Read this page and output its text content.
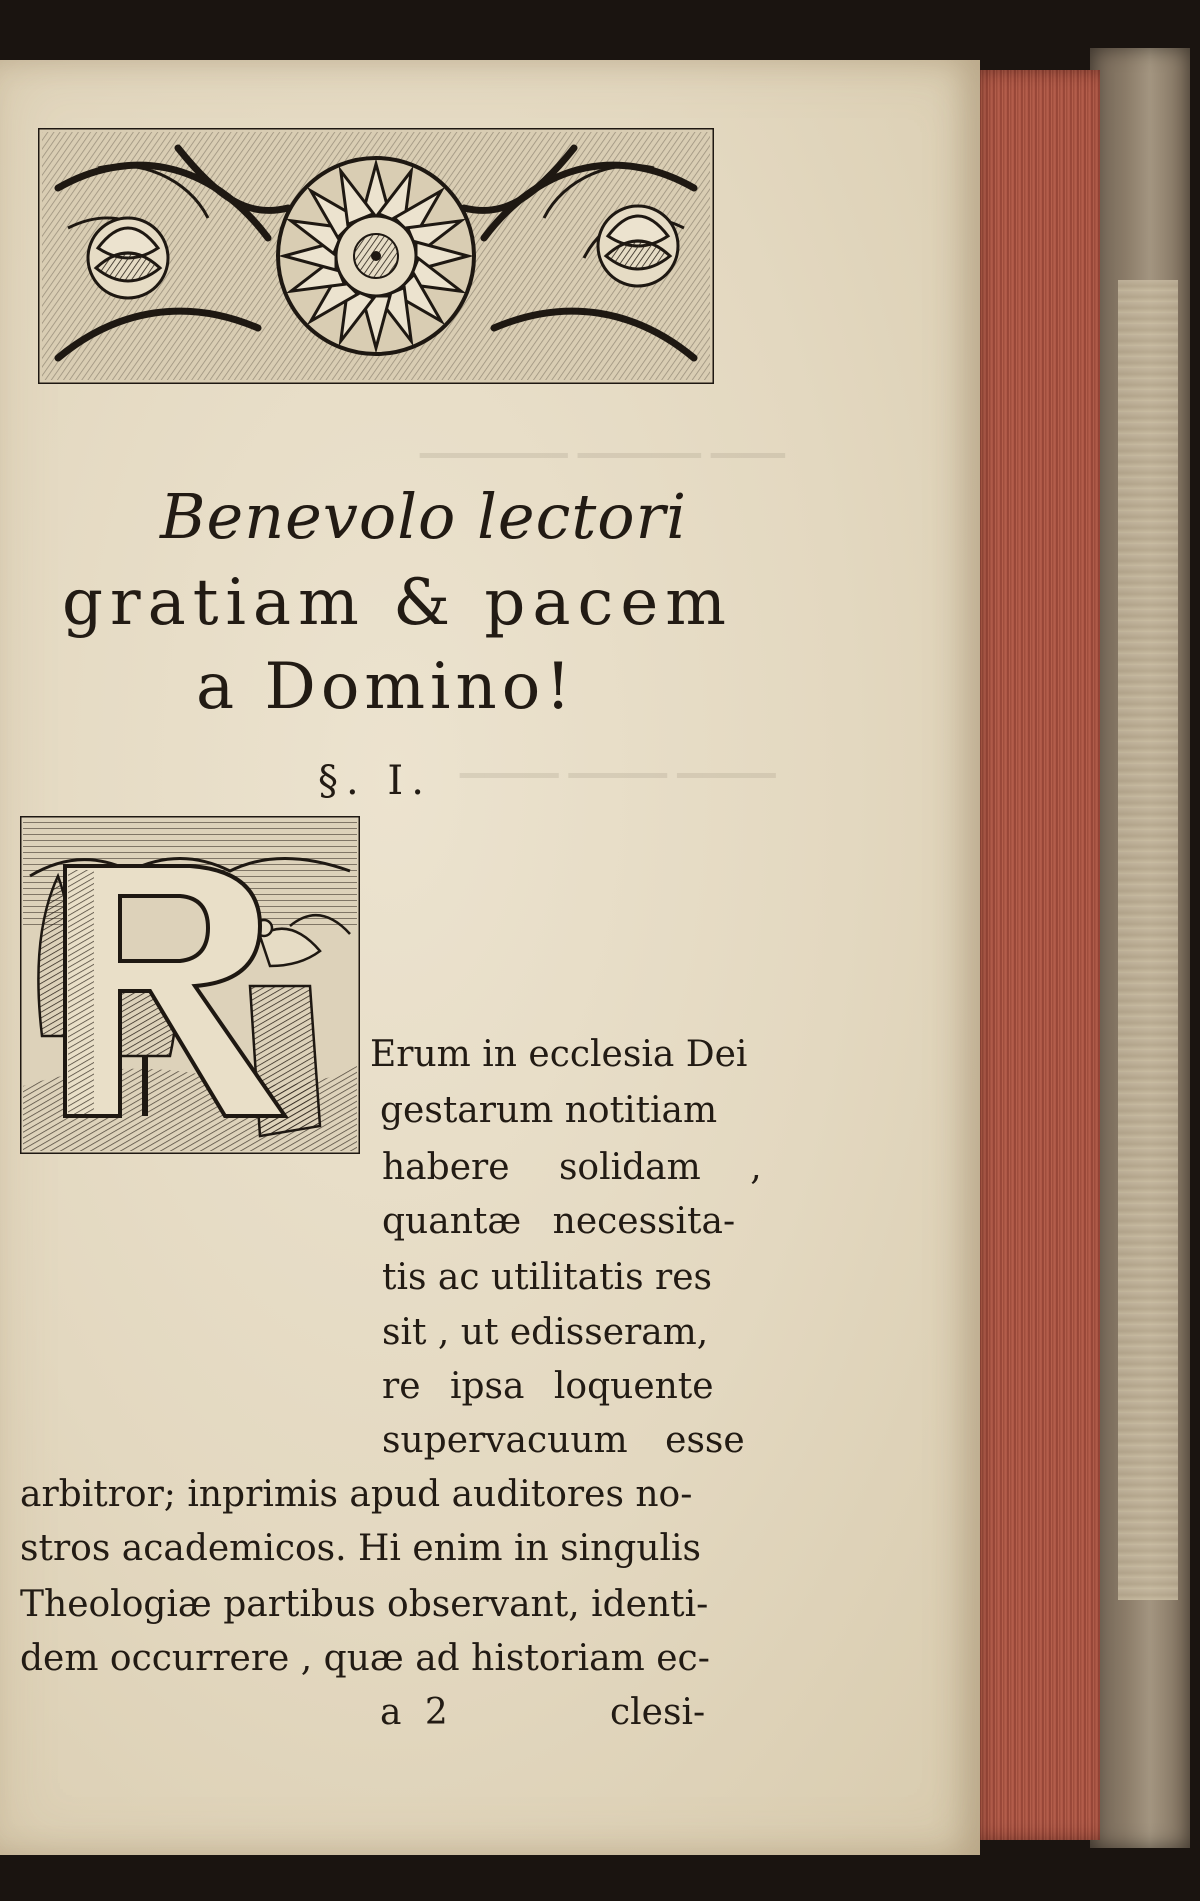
▁▁▁ ▁▁▁▁▁ ▁▁▁▁▁▁
▁▁▁▁ ▁▁▁▁ ▁▁▁▁

Benevolo lectori

gratiam & pacem

a Domino!

§. I.

Erum in ecclesia Dei

gestarum notitiam

habere solidam ,

quantæ necessita-

tis ac utilitatis res

sit , ut edisseram,

re ipsa loquente

supervacuum esse

arbitror; inprimis apud auditores no-

stros academicos. Hi enim in singulis

Theologiæ partibus observant, identi-

dem occurrere , quæ ad historiam ec-

a 2	clesi-
